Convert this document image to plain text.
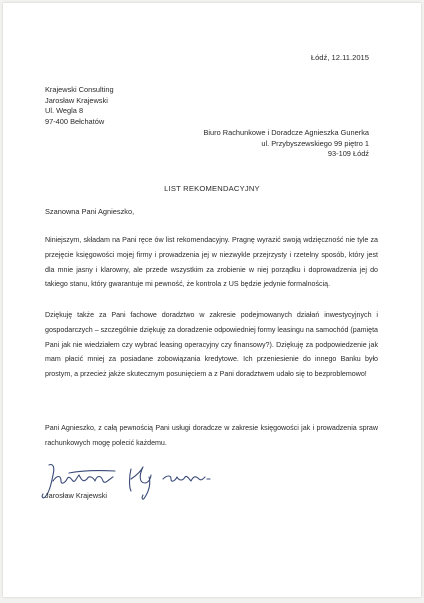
Łódź, 12.11.2015
Krajewski Consulting
Jarosław Krajewski
Ul. Wegla 8
97-400 Bełchatów
Biuro Rachunkowe i Doradcze Agnieszka Gunerka
ul. Przybyszewskiego 99 piętro 1
93-109 Łódź
LIST REKOMENDACYJNY
Szanowna Pani Agnieszko,

Niniejszym, składam na Pani ręce ów list rekomendacyjny. Pragnę wyrazić swoją wdzięczność nie tyle za przejęcie księgowości mojej firmy i prowadzenia jej w niezwykle przejrzysty i rzetelny sposób, który jest dla mnie jasny i klarowny, ale przede wszystkim za zrobienie w niej porządku i doprowadzenia jej do takiego stanu, który gwarantuje mi pewność, że kontrola z US będzie jedynie formalnością.

Dziękuję także za Pani fachowe doradztwo w zakresie podejmowanych działań inwestycyjnych i gospodarczych – szczególnie dziękuję za doradzenie odpowiedniej formy leasingu na samochód (pamięta Pani jak nie wiedziałem czy wybrać leasing operacyjny czy finansowy?). Dziękuję za podpowiedzenie jak mam płacić mniej za posiadane zobowiązania kredytowe. Ich przeniesienie do innego Banku było prostym, a przecież jakże skutecznym posunięciem a z Pani doradztwem udało się to bezproblemowo!

Pani Agnieszko, z całą pewnością Pani usługi doradcze w zakresie księgowości jak i prowadzenia spraw rachunkowych mogę polecić każdemu.

Jarosław Krajewski
